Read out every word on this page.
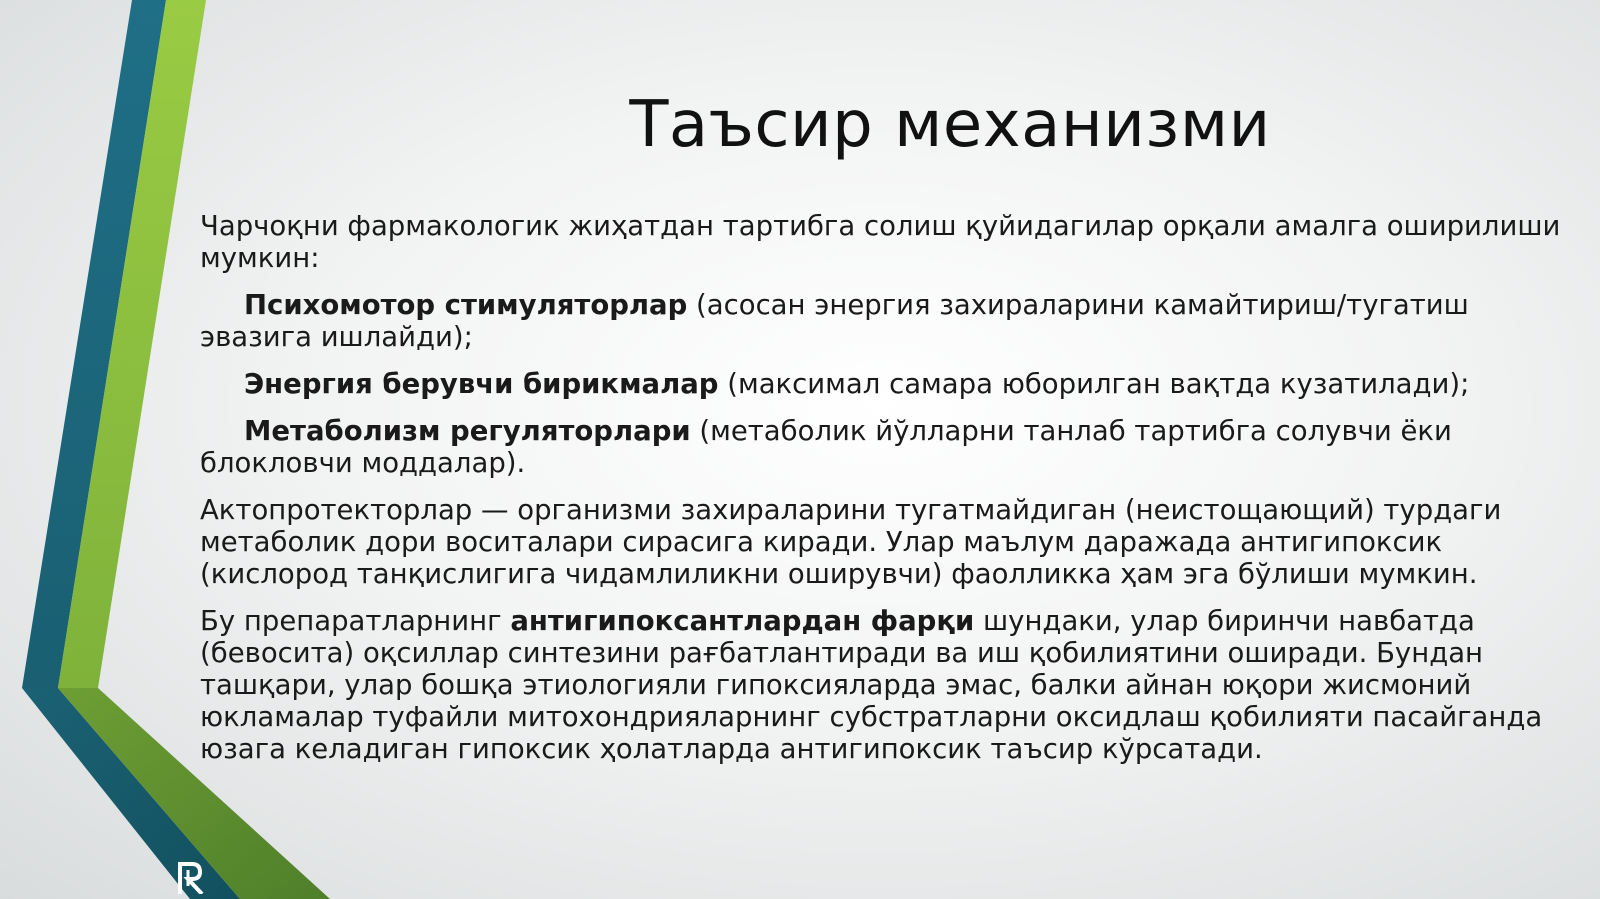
Таъсир механизми

Чарчоқни фармакологик жиҳатдан тартибга солиш қуйидагилар орқали амалга оширилиши мумкин:

Психомотор стимуляторлар (асосан энергия захираларини камайтириш/тугатиш эвазига ишлайди);

Энергия берувчи бирикмалар (максимал самара юборилган вақтда кузатилади);

Метаболизм регуляторлари (метаболик йўлларни танлаб тартибга солувчи ёки блокловчи моддалар).

Актопротекторлар — организми захираларини тугатмайдиган (неистощающий) турдаги метаболик дори воситалари сирасига киради. Улар маълум даражада антигипоксик (кислород танқислигига чидамлиликни оширувчи) фаолликка ҳам эга бўлиши мумкин.

Бу препаратларнинг антигипоксантлардан фарқи шундаки, улар биринчи навбатда (бевосита) оқсиллар синтезини рағбатлантиради ва иш қобилиятини оширади. Бундан ташқари, улар бошқа этиологияли гипоксияларда эмас, балки айнан юқори жисмоний юкламалар туфайли митохондрияларнинг субстратларни оксидлаш қобилияти пасайганда юзага келадиган гипоксик ҳолатларда антигипоксик таъсир кўрсатади.
